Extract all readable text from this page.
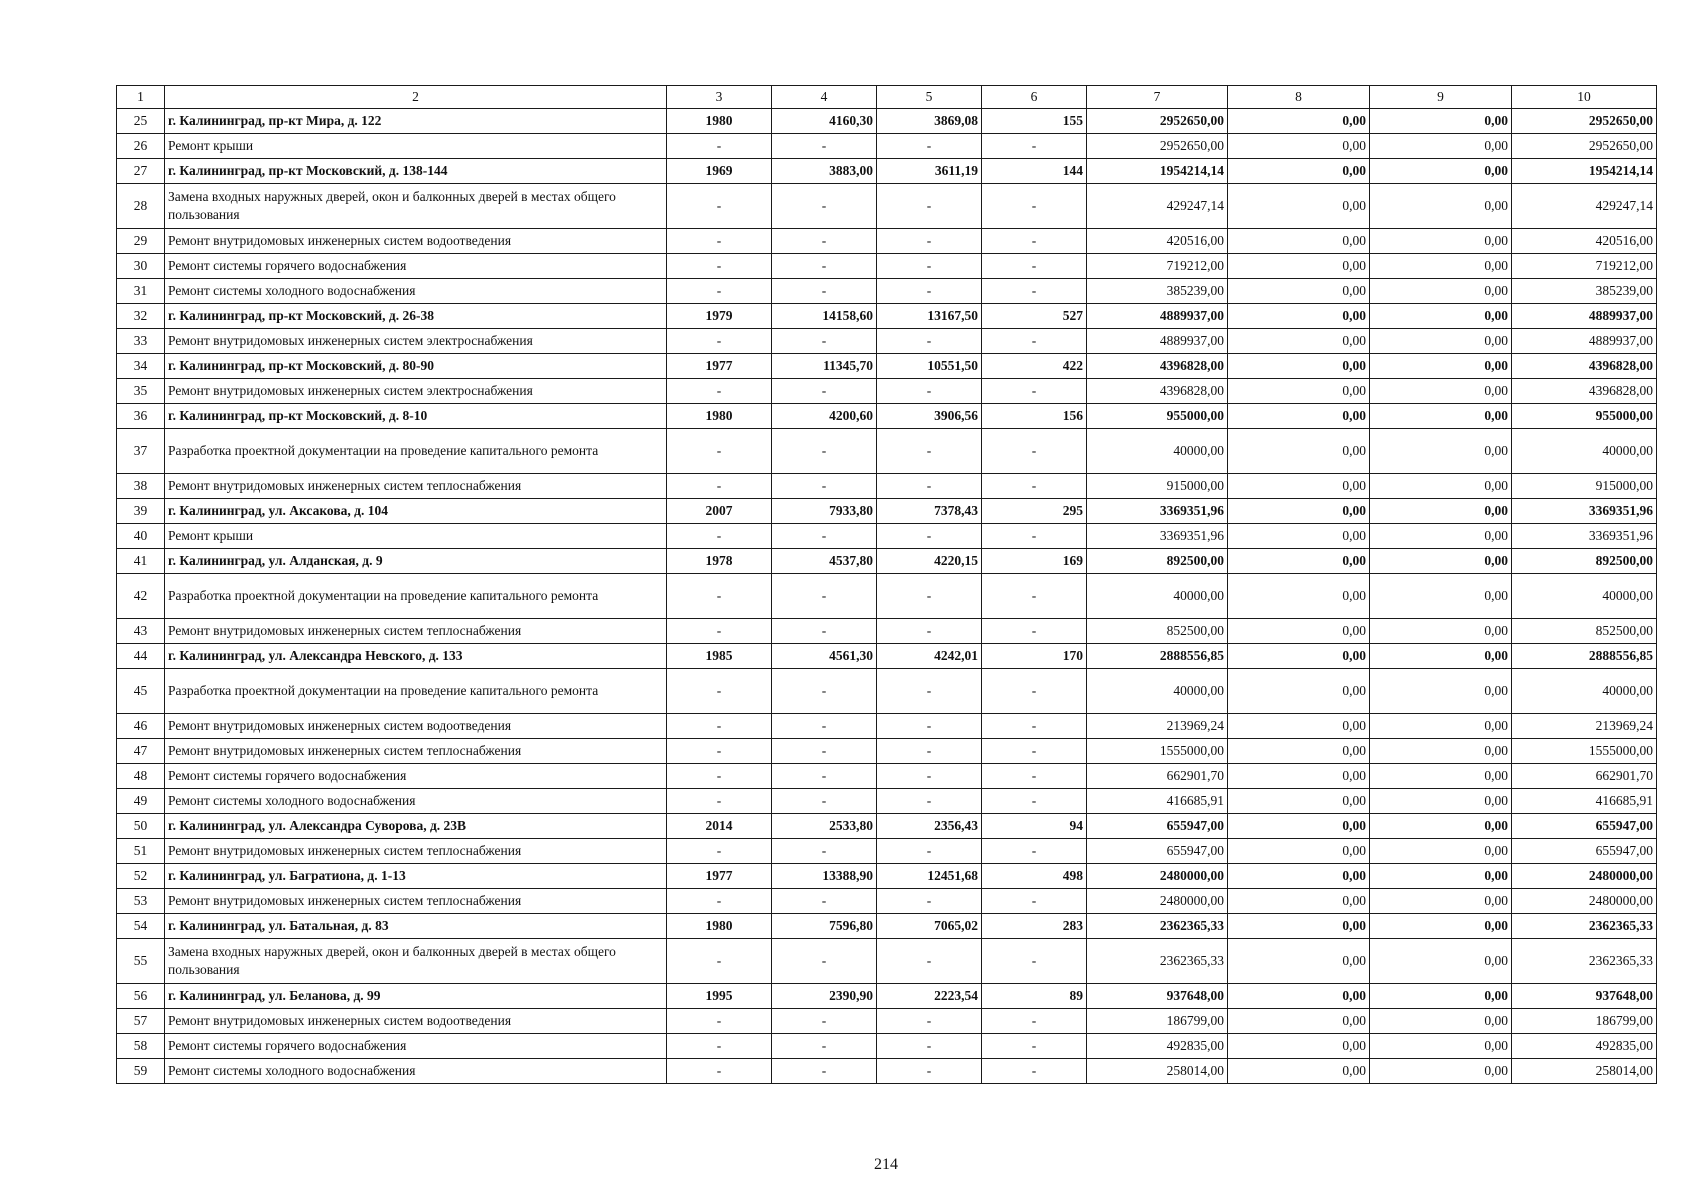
1	2	3	4	5	6	7	8	9	10
25	г. Калининград, пр-кт Мира, д. 122	1980	4160,30	3869,08	155	2952650,00	0,00	0,00	2952650,00
26	Ремонт крыши	-	-	-	-	2952650,00	0,00	0,00	2952650,00
27	г. Калининград, пр-кт Московский, д. 138-144	1969	3883,00	3611,19	144	1954214,14	0,00	0,00	1954214,14
28	Замена входных наружных дверей, окон и балконных дверей в местах общего пользования	-	-	-	-	429247,14	0,00	0,00	429247,14
29	Ремонт внутридомовых инженерных систем водоотведения	-	-	-	-	420516,00	0,00	0,00	420516,00
30	Ремонт системы горячего водоснабжения	-	-	-	-	719212,00	0,00	0,00	719212,00
31	Ремонт системы холодного водоснабжения	-	-	-	-	385239,00	0,00	0,00	385239,00
32	г. Калининград, пр-кт Московский, д. 26-38	1979	14158,60	13167,50	527	4889937,00	0,00	0,00	4889937,00
33	Ремонт внутридомовых инженерных систем электроснабжения	-	-	-	-	4889937,00	0,00	0,00	4889937,00
34	г. Калининград, пр-кт Московский, д. 80-90	1977	11345,70	10551,50	422	4396828,00	0,00	0,00	4396828,00
35	Ремонт внутридомовых инженерных систем электроснабжения	-	-	-	-	4396828,00	0,00	0,00	4396828,00
36	г. Калининград, пр-кт Московский, д. 8-10	1980	4200,60	3906,56	156	955000,00	0,00	0,00	955000,00
37	Разработка проектной документации на проведение капитального ремонта	-	-	-	-	40000,00	0,00	0,00	40000,00
38	Ремонт внутридомовых инженерных систем теплоснабжения	-	-	-	-	915000,00	0,00	0,00	915000,00
39	г. Калининград, ул. Аксакова, д. 104	2007	7933,80	7378,43	295	3369351,96	0,00	0,00	3369351,96
40	Ремонт крыши	-	-	-	-	3369351,96	0,00	0,00	3369351,96
41	г. Калининград, ул. Алданская, д. 9	1978	4537,80	4220,15	169	892500,00	0,00	0,00	892500,00
42	Разработка проектной документации на проведение капитального ремонта	-	-	-	-	40000,00	0,00	0,00	40000,00
43	Ремонт внутридомовых инженерных систем теплоснабжения	-	-	-	-	852500,00	0,00	0,00	852500,00
44	г. Калининград, ул. Александра Невского, д. 133	1985	4561,30	4242,01	170	2888556,85	0,00	0,00	2888556,85
45	Разработка проектной документации на проведение капитального ремонта	-	-	-	-	40000,00	0,00	0,00	40000,00
46	Ремонт внутридомовых инженерных систем водоотведения	-	-	-	-	213969,24	0,00	0,00	213969,24
47	Ремонт внутридомовых инженерных систем теплоснабжения	-	-	-	-	1555000,00	0,00	0,00	1555000,00
48	Ремонт системы горячего водоснабжения	-	-	-	-	662901,70	0,00	0,00	662901,70
49	Ремонт системы холодного водоснабжения	-	-	-	-	416685,91	0,00	0,00	416685,91
50	г. Калининград, ул. Александра Суворова, д. 23В	2014	2533,80	2356,43	94	655947,00	0,00	0,00	655947,00
51	Ремонт внутридомовых инженерных систем теплоснабжения	-	-	-	-	655947,00	0,00	0,00	655947,00
52	г. Калининград, ул. Багратиона, д. 1-13	1977	13388,90	12451,68	498	2480000,00	0,00	0,00	2480000,00
53	Ремонт внутридомовых инженерных систем теплоснабжения	-	-	-	-	2480000,00	0,00	0,00	2480000,00
54	г. Калининград, ул. Батальная, д. 83	1980	7596,80	7065,02	283	2362365,33	0,00	0,00	2362365,33
55	Замена входных наружных дверей, окон и балконных дверей в местах общего пользования	-	-	-	-	2362365,33	0,00	0,00	2362365,33
56	г. Калининград, ул. Беланова, д. 99	1995	2390,90	2223,54	89	937648,00	0,00	0,00	937648,00
57	Ремонт внутридомовых инженерных систем водоотведения	-	-	-	-	186799,00	0,00	0,00	186799,00
58	Ремонт системы горячего водоснабжения	-	-	-	-	492835,00	0,00	0,00	492835,00
59	Ремонт системы холодного водоснабжения	-	-	-	-	258014,00	0,00	0,00	258014,00
214
